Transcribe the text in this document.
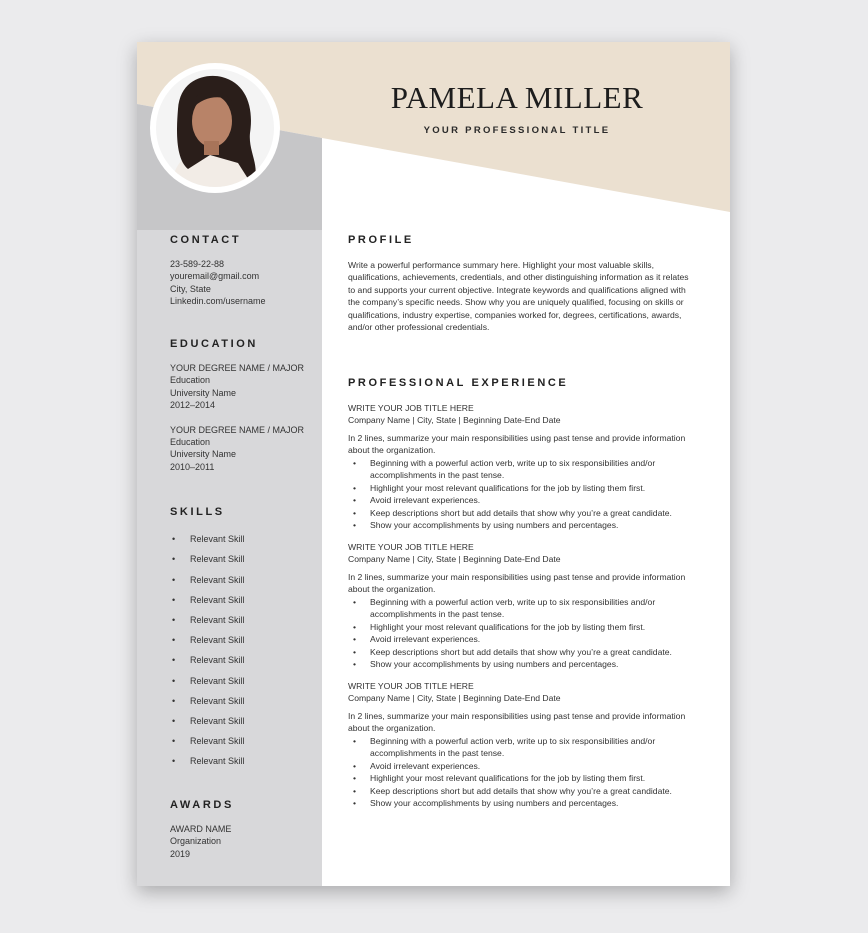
PAMELA MILLER
YOUR PROFESSIONAL TITLE
CONTACT
23-589-22-88
youremail@gmail.com
City, State
Linkedin.com/username
EDUCATION
YOUR DEGREE NAME / MAJOR
Education
University Name
2012–2014
YOUR DEGREE NAME / MAJOR
Education
University Name
2010–2011
SKILLS
• Relevant Skill
• Relevant Skill
• Relevant Skill
• Relevant Skill
• Relevant Skill
• Relevant Skill
• Relevant Skill
• Relevant Skill
• Relevant Skill
• Relevant Skill
• Relevant Skill
• Relevant Skill
AWARDS
AWARD NAME
Organization
2019
PROFILE

Write a powerful performance summary here. Highlight your most valuable skills, qualifications, achievements, credentials, and other distinguishing information as it relates to and supports your current objective. Integrate keywords and qualifications aligned with the company’s specific needs. Show why you are uniquely qualified, focusing on skills or qualifications, industry expertise, companies worked for, degrees, certifications, awards, and/or other professional credentials.

PROFESSIONAL EXPERIENCE
WRITE YOUR JOB TITLE HERE
Company Name | City, State | Beginning Date-End Date
In 2 lines, summarize your main responsibilities using past tense and provide information about the organization.
• Beginning with a powerful action verb, write up to six responsibilities and/or accomplishments in the past tense.
• Highlight your most relevant qualifications for the job by listing them first.
• Avoid irrelevant experiences.
• Keep descriptions short but add details that show why you’re a great candidate.
• Show your accomplishments by using numbers and percentages.
WRITE YOUR JOB TITLE HERE
Company Name | City, State | Beginning Date-End Date
In 2 lines, summarize your main responsibilities using past tense and provide information about the organization.
• Beginning with a powerful action verb, write up to six responsibilities and/or accomplishments in the past tense.
• Highlight your most relevant qualifications for the job by listing them first.
• Avoid irrelevant experiences.
• Keep descriptions short but add details that show why you’re a great candidate.
• Show your accomplishments by using numbers and percentages.
WRITE YOUR JOB TITLE HERE
Company Name | City, State | Beginning Date-End Date
In 2 lines, summarize your main responsibilities using past tense and provide information about the organization.
• Beginning with a powerful action verb, write up to six responsibilities and/or accomplishments in the past tense.
• Avoid irrelevant experiences.
• Highlight your most relevant qualifications for the job by listing them first.
• Keep descriptions short but add details that show why you’re a great candidate.
• Show your accomplishments by using numbers and percentages.
